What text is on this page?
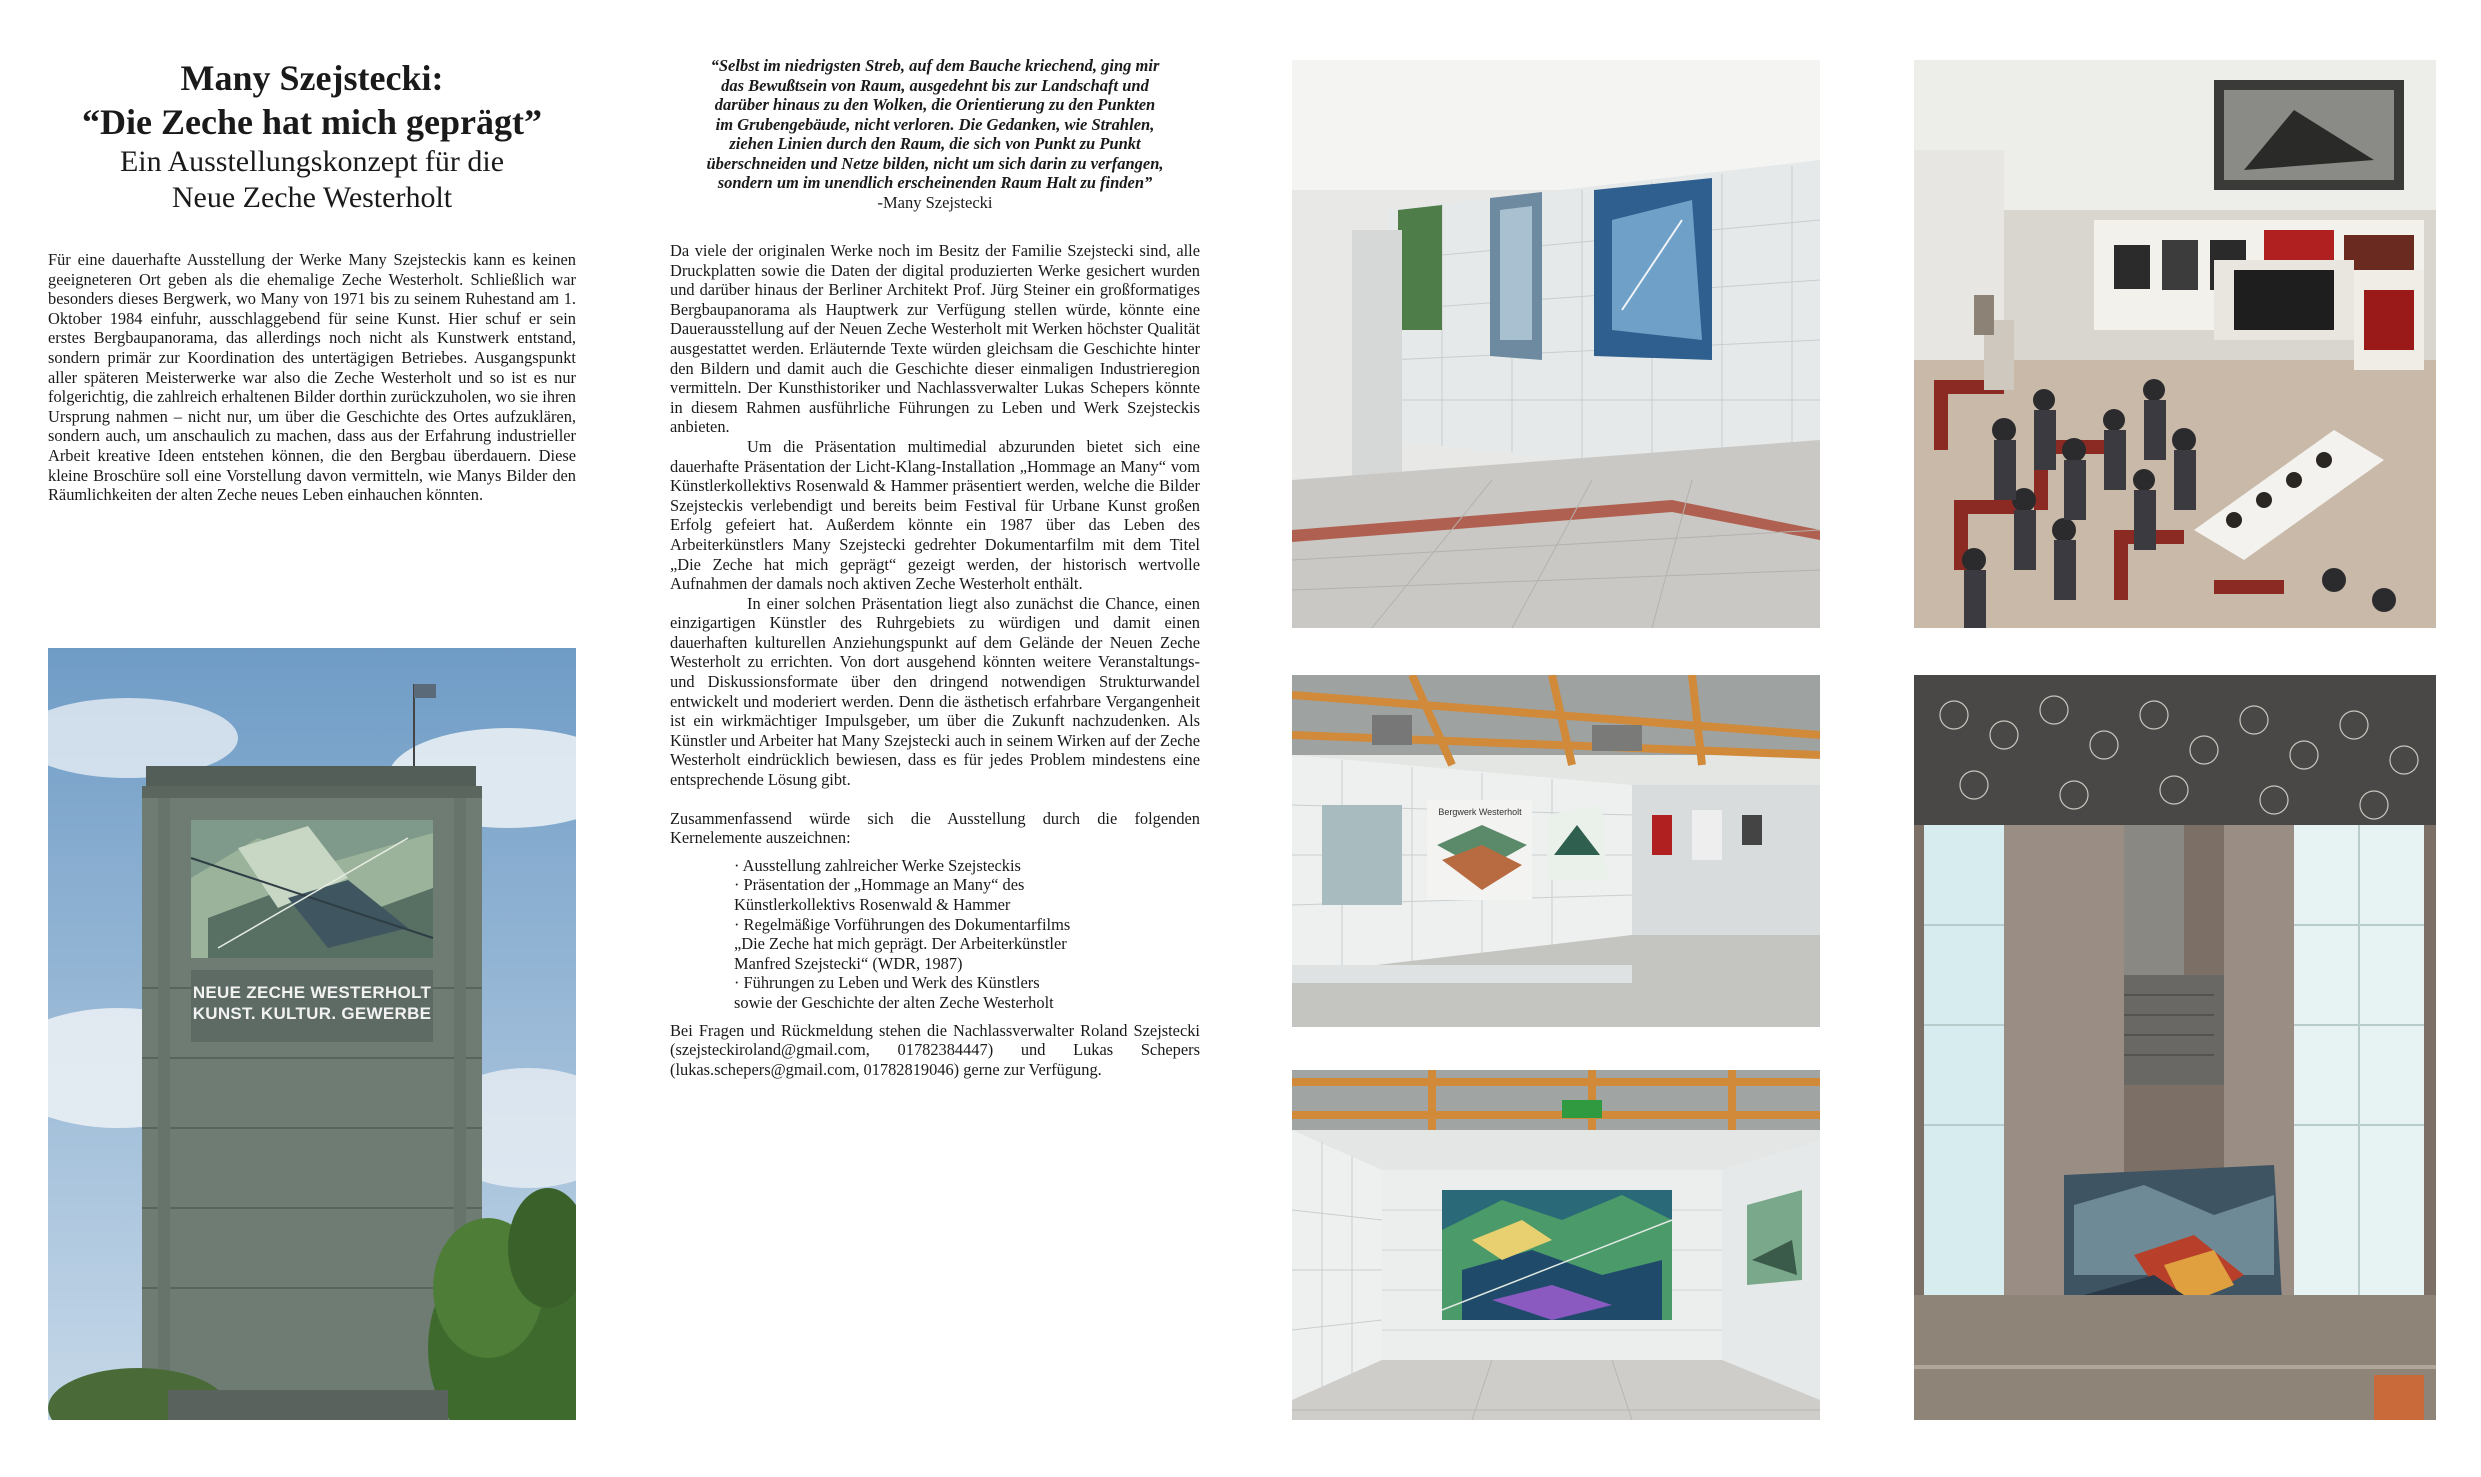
Many Szejstecki:
“Die Zeche hat mich geprägt”
Ein Ausstellungskonzept für die
Neue Zeche Westerholt

Für eine dauerhafte Ausstellung der Werke Many Szejsteckis kann es keinen geeigneteren Ort geben als die ehemalige Zeche Westerholt. Schließlich war besonders dieses Bergwerk, wo Many von 1971 bis zu seinem Ruhestand am 1. Oktober 1984 einfuhr, ausschlaggebend für seine Kunst. Hier schuf er sein erstes Bergbaupanorama, das allerdings noch nicht als Kunstwerk entstand, sondern primär zur Koordination des untertägigen Betriebes. Ausgangspunkt aller späteren Meisterwerke war also die Zeche Westerholt und so ist es nur folgerichtig, die zahlreich erhaltenen Bilder dorthin zurückzuholen, wo sie ihren Ursprung nahmen – nicht nur, um über die Geschichte des Ortes aufzuklären, sondern auch, um anschaulich zu machen, dass aus der Erfahrung industrieller Arbeit kreative Ideen entstehen können, die den Bergbau überdauern. Diese kleine Broschüre soll eine Vorstellung davon vermitteln, wie Manys Bilder den Räumlichkeiten der alten Zeche neues Leben einhauchen könnten.

NEUE ZECHE WESTERHOLT
KUNST. KULTUR. GEWERBE
“Selbst im niedrigsten Streb, auf dem Bauche kriechend, ging mir
das Bewußtsein von Raum, ausgedehnt bis zur Landschaft und
darüber hinaus zu den Wolken, die Orientierung zu den Punkten
im Grubengebäude, nicht verloren. Die Gedanken, wie Strahlen,
ziehen Linien durch den Raum, die sich von Punkt zu Punkt
überschneiden und Netze bilden, nicht um sich darin zu verfangen,
sondern um im unendlich erscheinenden Raum Halt zu finden”
-Many Szejstecki

Da viele der originalen Werke noch im Besitz der Familie Szejstecki sind, alle Druckplatten sowie die Daten der digital produzierten Werke gesichert wurden und darüber hinaus der Berliner Architekt Prof. Jürg Steiner ein großformatiges Bergbaupanorama als Hauptwerk zur Verfügung stellen würde, könnte eine Dauerausstellung auf der Neuen Zeche Westerholt mit Werken höchster Qualität ausgestattet werden. Erläuternde Texte würden gleichsam die Geschichte hinter den Bildern und damit auch die Geschichte dieser einmaligen Industrieregion vermitteln. Der Kunsthistoriker und Nachlassverwalter Lukas Schepers könnte in diesem Rahmen ausführliche Führungen zu Leben und Werk Szejsteckis anbieten.

Um die Präsentation multimedial abzurunden bietet sich eine dauerhafte Präsentation der Licht-Klang-Installation „Hommage an Many“ vom Künstlerkollektivs Rosenwald & Hammer präsentiert werden, welche die Bilder Szejsteckis verlebendigt und bereits beim Festival für Urbane Kunst großen Erfolg gefeiert hat. Außerdem könnte ein 1987 über das Leben des Arbeiterkünstlers Many Szejstecki gedrehter Dokumentarfilm mit dem Titel „Die Zeche hat mich geprägt“ gezeigt werden, der historisch wertvolle Aufnahmen der damals noch aktiven Zeche Westerholt enthält.

In einer solchen Präsentation liegt also zunächst die Chance, einen einzigartigen Künstler des Ruhrgebiets zu würdigen und damit einen dauerhaften kulturellen Anziehungspunkt auf dem Gelände der Neuen Zeche Westerholt zu errichten. Von dort ausgehend könnten weitere Veranstaltungs- und Diskussionsformate über den dringend notwendigen Strukturwandel entwickelt und moderiert werden. Denn die ästhetisch erfahrbare Vergangenheit ist ein wirkmächtiger Impulsgeber, um über die Zukunft nachzudenken. Als Künstler und Arbeiter hat Many Szejstecki auch in seinem Wirken auf der Zeche Westerholt eindrücklich bewiesen, dass es für jedes Problem mindestens eine entsprechende Lösung gibt.

Zusammenfassend würde sich die Ausstellung durch die folgenden Kernelemente auszeichnen:

· Ausstellung zahlreicher Werke Szejsteckis
· Präsentation der „Hommage an Many“ des
Künstlerkollektivs Rosenwald & Hammer
· Regelmäßige Vorführungen des Dokumentarfilms
„Die Zeche hat mich geprägt. Der Arbeiterkünstler
Manfred Szejstecki“ (WDR, 1987)
· Führungen zu Leben und Werk des Künstlers
sowie der Geschichte der alten Zeche Westerholt

Bei Fragen und Rückmeldung stehen die Nachlassverwalter Roland Szejstecki (szejsteckiroland@gmail.com, 01782384447) und Lukas Schepers (lukas.schepers@gmail.com, 01782819046) gerne zur Verfügung.

Bergwerk Westerholt
